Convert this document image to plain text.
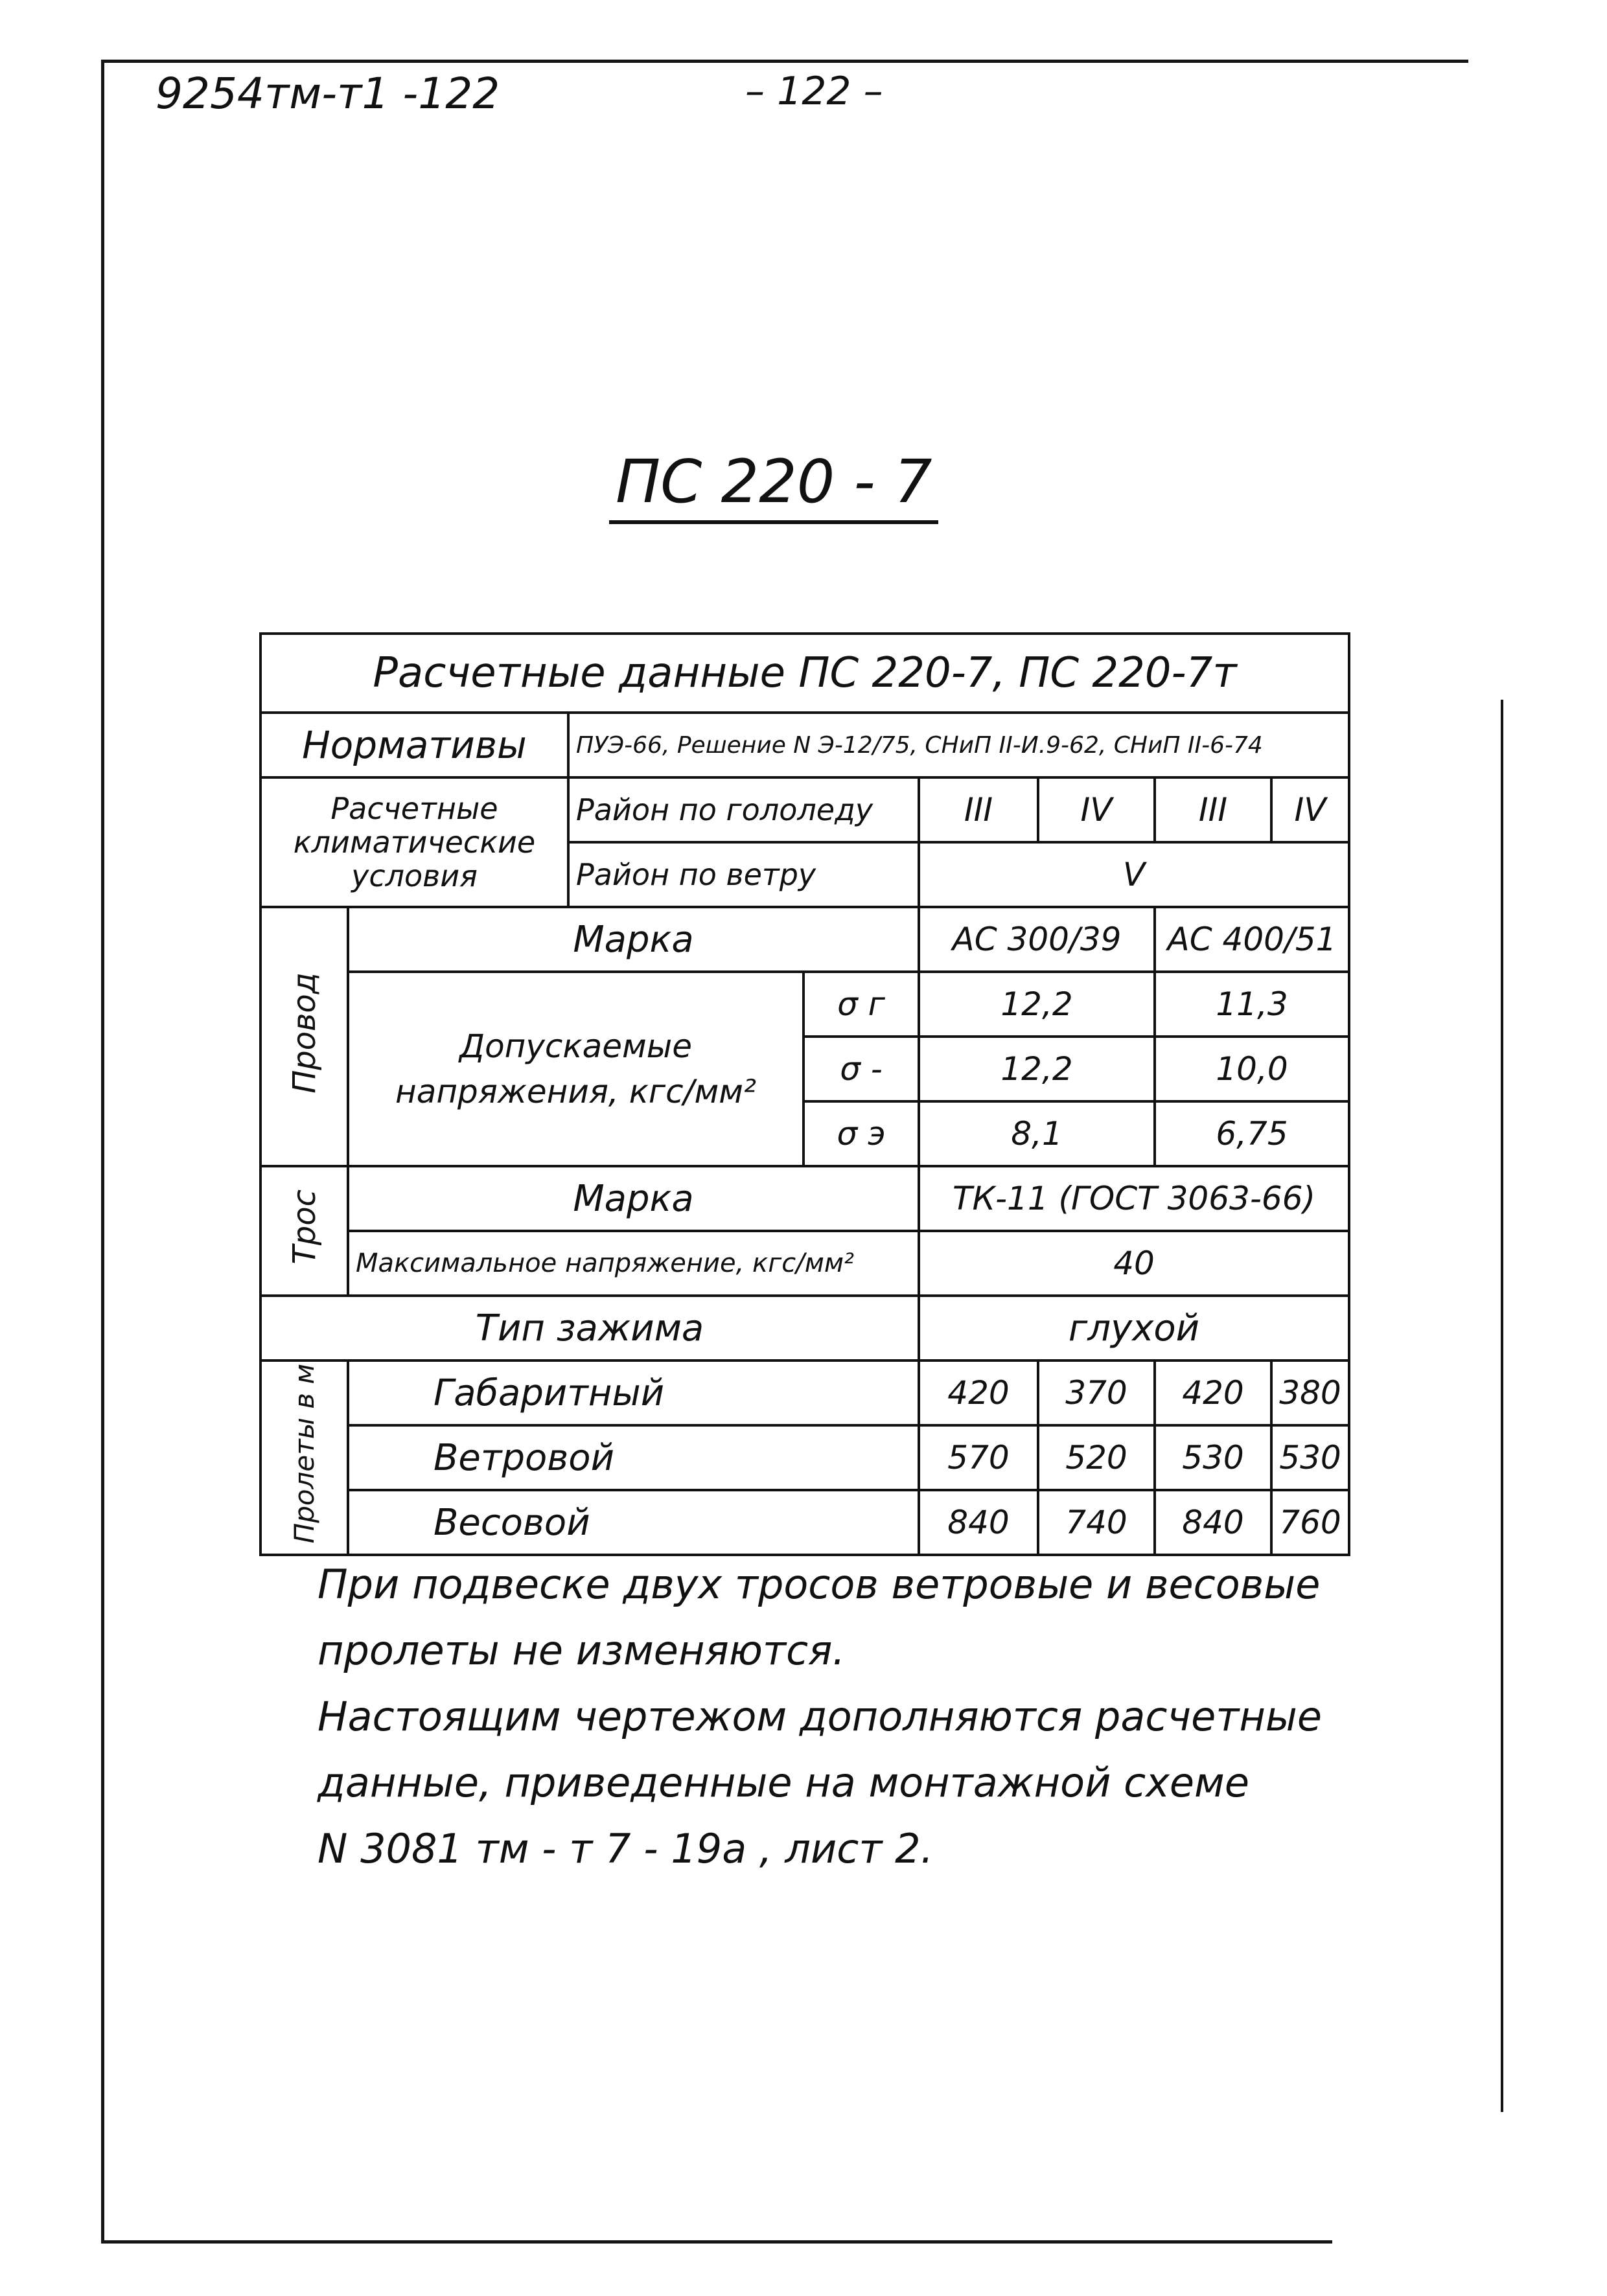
9254тм-т1 -122	– 122 –
ПС 220 - 7
Расчетные данные ПС 220-7, ПС 220-7т							
Нормативы		ПУЭ-66, Решение N Э-12/75, СНиП II-И.9-62, СНиП II-6-74					
Расчетные климатические условия		Район по гололеду		III	IV	III	IV
		Район по ветру		V			
Провод	Марка			АС 300/39		АС 400/51	
	Допускаемые напряжения, кгс/мм²		σ г	12,2		11,3	
			σ -	12,2		10,0	
			σ э	8,1		6,75	
Трос	Марка			ТК-11 (ГОСТ 3063-66)			
	Максимальное напряжение, кгс/мм²			40			
Тип зажима				глухой			
Пролеты в м	Габаритный			420	370	420	380
	Ветровой			570	520	530	530
	Весовой			840	740	840	760
При подвеске двух тросов ветровые и весовые
пролеты не изменяются.
Настоящим чертежом дополняются расчетные
данные, приведенные на монтажной схеме
N 3081 тм - т 7 - 19а , лист 2.
